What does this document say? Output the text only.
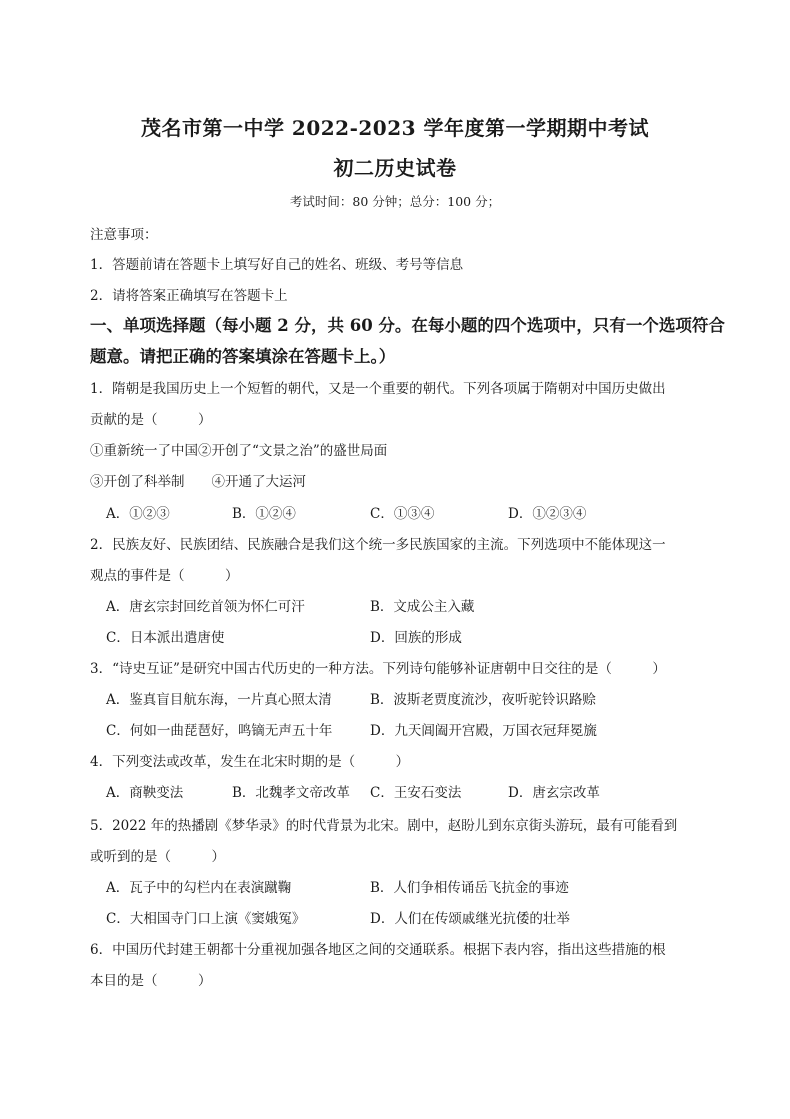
茂名市第一中学 2022-2023 学年度第一学期期中考试
初二历史试卷
考试时间：80 分钟；总分：100 分；
注意事项：
1．答题前请在答题卡上填写好自己的姓名、班级、考号等信息
2．请将答案正确填写在答题卡上
一、单项选择题（每小题 2 分，共 60 分。在每小题的四个选项中，只有一个选项符合
题意。请把正确的答案填涂在答题卡上。）
1．隋朝是我国历史上一个短暂的朝代，又是一个重要的朝代。下列各项属于隋朝对中国历史做出
贡献的是（　　　）
①重新统一了中国②开创了“文景之治”的盛世局面
③开创了科举制　　④开通了大运河
A．①②③	B．①②④	C．①③④	D．①②③④
2．民族友好、民族团结、民族融合是我们这个统一多民族国家的主流。下列选项中不能体现这一
观点的事件是（　　　）
A．唐玄宗封回纥首领为怀仁可汗	B．文成公主入藏
C．日本派出遣唐使	D．回族的形成
3．“诗史互证”是研究中国古代历史的一种方法。下列诗句能够补证唐朝中日交往的是（　　　）
A．鉴真盲目航东海，一片真心照太清	B．波斯老贾度流沙，夜听驼铃识路赊
C．何如一曲琵琶好，鸣镝无声五十年	D．九天阊阖开宫殿，万国衣冠拜冕旒
4．下列变法或改革，发生在北宋时期的是（　　　）
A．商鞅变法	B．北魏孝文帝改革 C．王安石变法	D．唐玄宗改革
5．2022 年的热播剧《梦华录》的时代背景为北宋。剧中，赵盼儿到东京街头游玩，最有可能看到
或听到的是（　　　）
A．瓦子中的勾栏内在表演蹴鞠	B．人们争相传诵岳飞抗金的事迹
C．大相国寺门口上演《窦娥冤》	D．人们在传颂戚继光抗倭的壮举
6．中国历代封建王朝都十分重视加强各地区之间的交通联系。根据下表内容，指出这些措施的根
本目的是（　　　）
